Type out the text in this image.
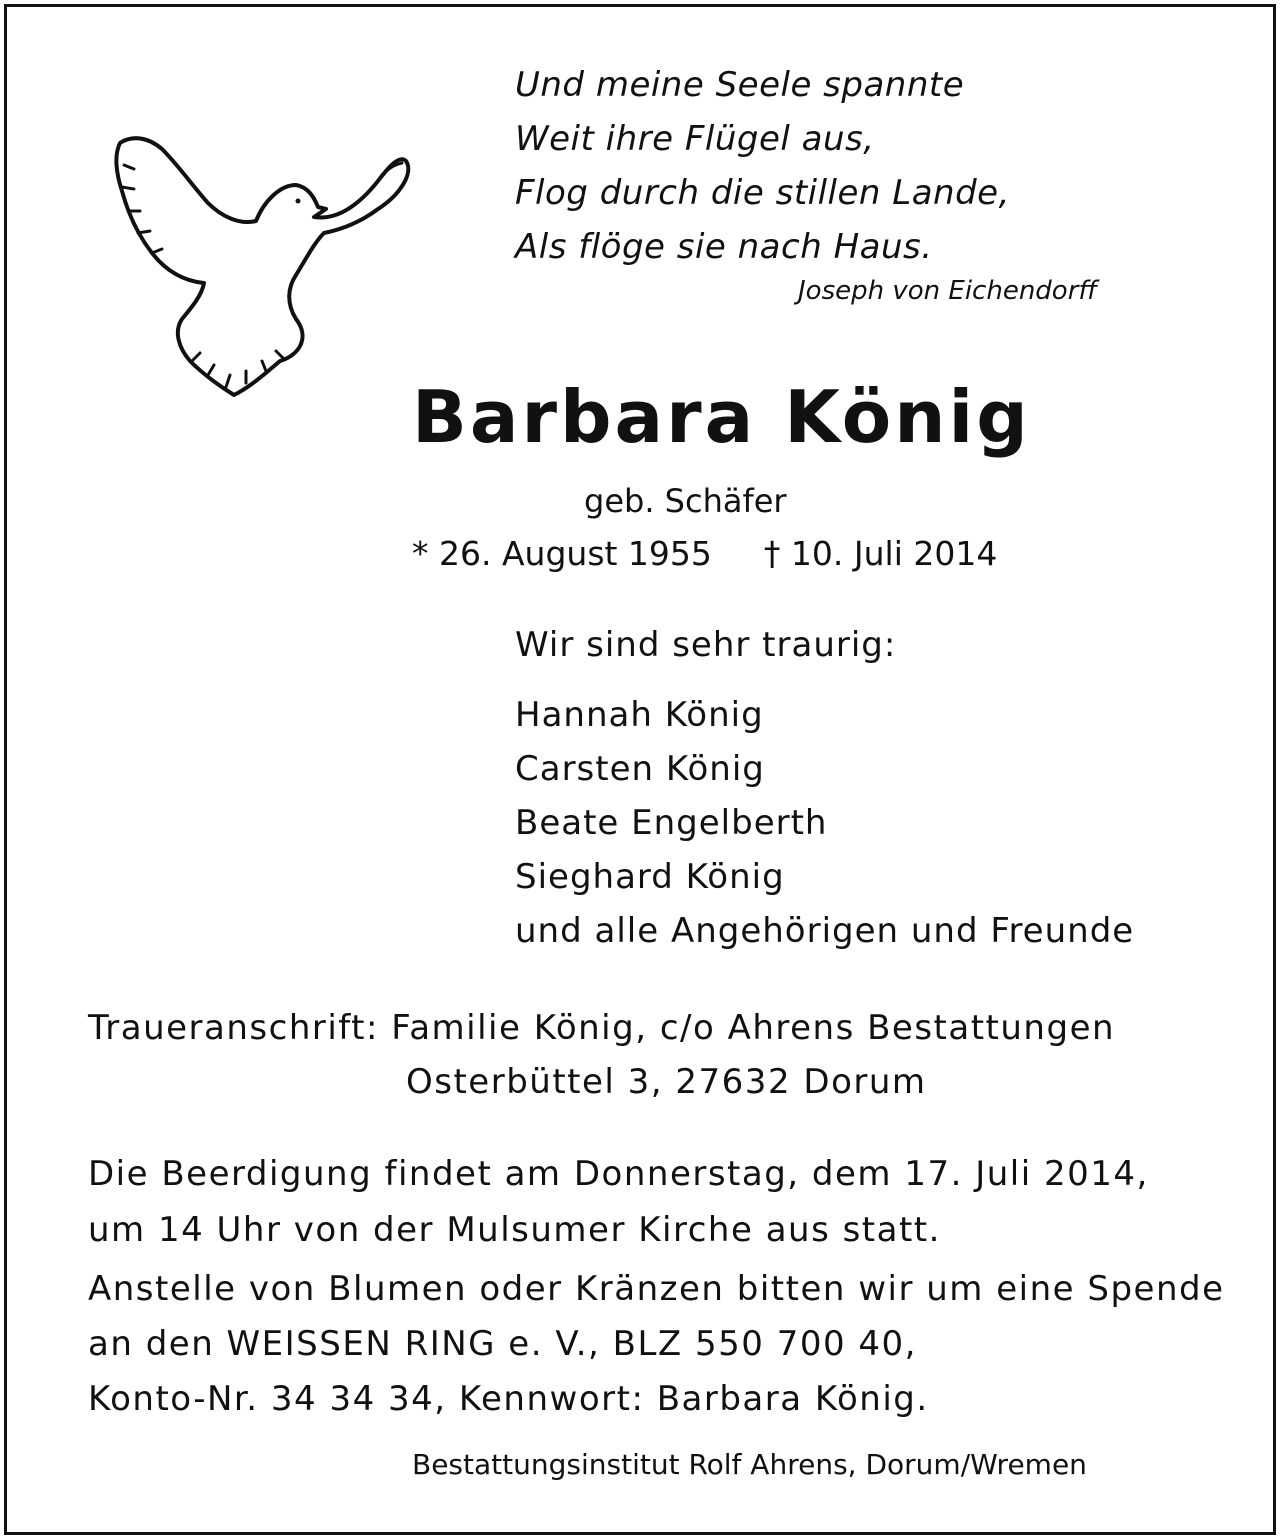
Und meine Seele spannte
Weit ihre Flügel aus,
Flog durch die stillen Lande,
Als flöge sie nach Haus.
Joseph von Eichendorff
Barbara König
geb. Schäfer
* 26. August 1955 † 10. Juli 2014
Wir sind sehr traurig:
Hannah König
Carsten König
Beate Engelberth
Sieghard König
und alle Angehörigen und Freunde
Traueranschrift: Familie König, c/o Ahrens Bestattungen
Osterbüttel 3, 27632 Dorum
Die Beerdigung findet am Donnerstag, dem 17. Juli 2014,
um 14 Uhr von der Mulsumer Kirche aus statt.
Anstelle von Blumen oder Kränzen bitten wir um eine Spende
an den WEISSEN RING e. V., BLZ 550 700 40,
Konto-Nr. 34 34 34, Kennwort: Barbara König.
Bestattungsinstitut Rolf Ahrens, Dorum/Wremen
